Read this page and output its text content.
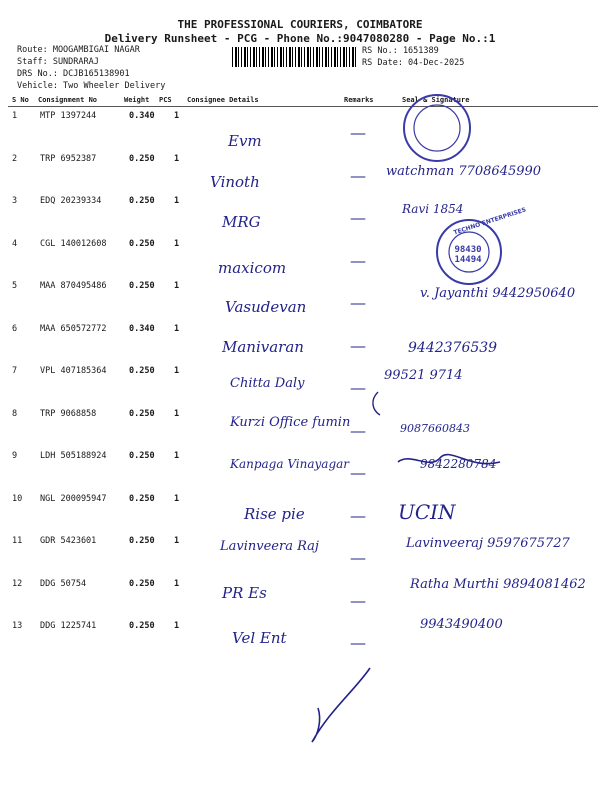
THE PROFESSIONAL COURIERS, COIMBATORE
Delivery Runsheet - PCG - Phone No.:9047080280 - Page No.:1
Route: MOOGAMBIGAI NAGAR
Staff: SUNDRARAJ
DRS No.: DCJB165138901
Vehicle: Two Wheeler Delivery
RS No.: 1651389
RS Date: 04-Dec-2025
S No Consignment No	Weight PCS Consignee Details	Remarks	Seal & Signature
1	MTP 1397244	0.340 1
Evm	—
2	TRP 6952387	0.250 1
Vinoth	— watchman 7708645990
3	EDQ 20239334	0.250 1
MRG	—	Ravi 1854
4	CGL 140012608	0.250 1
maxicom	—
5	MAA 870495486	0.250 1
Vasudevan	—	v. Jayanthi 9442950640
6	MAA 650572772	0.340 1
Manivaran	—	9442376539
7	VPL 407185364	0.250 1
Chitta Daly	—
99521 9714
8	TRP 9068858	0.250 1
Kurzi Office fumin —	9087660843
9	LDH 505188924	0.250 1
Kanpaga Vinayagar —	9842280784
10 NGL 200095947	0.250 1
Rise pie	— UCIN
11 GDR 5423601	0.250 1	Lavinveera Raj
—
Lavinveeraj 9597675727
12 DDG 50754	0.250 1	PR Es	—
Ratha Murthi 9894081462
13 DDG 1225741	0.250 1
Vel Ent	—
9943490400
98430 14494
TECHNO ENTERPRISES
